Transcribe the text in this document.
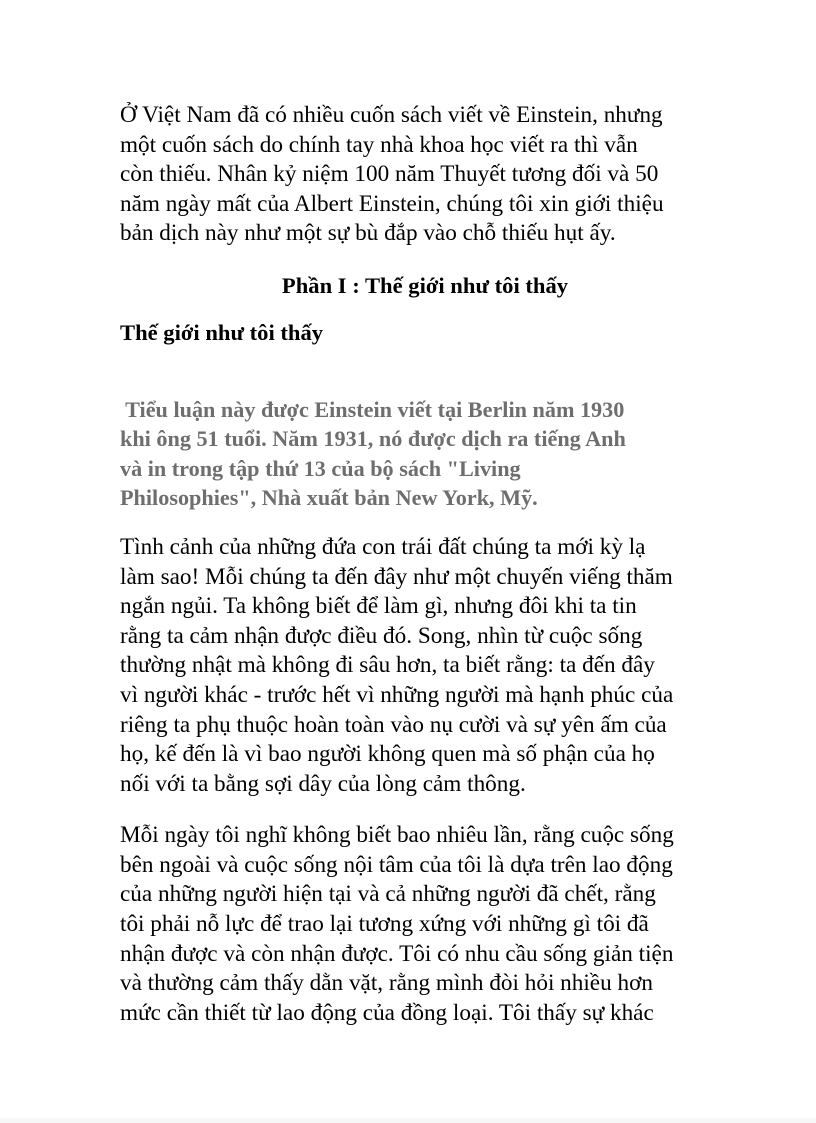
Ở Việt Nam đã có nhiều cuốn sách viết về Einstein, nhưng
một cuốn sách do chính tay nhà khoa học viết ra thì vẫn
còn thiếu. Nhân kỷ niệm 100 năm Thuyết tương đối và 50
năm ngày mất của Albert Einstein, chúng tôi xin giới thiệu
bản dịch này như một sự bù đắp vào chỗ thiếu hụt ấy.

Phần I : Thế giới như tôi thấy
Thế giới như tôi thấy

Tiểu luận này được Einstein viết tại Berlin năm 1930
khi ông 51 tuổi. Năm 1931, nó được dịch ra tiếng Anh
và in trong tập thứ 13 của bộ sách "Living
Philosophies", Nhà xuất bản New York, Mỹ.

Tình cảnh của những đứa con trái đất chúng ta mới kỳ lạ
làm sao! Mỗi chúng ta đến đây như một chuyến viếng thăm
ngắn ngủi. Ta không biết để làm gì, nhưng đôi khi ta tin
rằng ta cảm nhận được điều đó. Song, nhìn từ cuộc sống
thường nhật mà không đi sâu hơn, ta biết rằng: ta đến đây
vì người khác - trước hết vì những người mà hạnh phúc của
riêng ta phụ thuộc hoàn toàn vào nụ cười và sự yên ấm của
họ, kế đến là vì bao người không quen mà số phận của họ
nối với ta bằng sợi dây của lòng cảm thông.

Mỗi ngày tôi nghĩ không biết bao nhiêu lần, rằng cuộc sống
bên ngoài và cuộc sống nội tâm của tôi là dựa trên lao động
của những người hiện tại và cả những người đã chết, rằng
tôi phải nỗ lực để trao lại tương xứng với những gì tôi đã
nhận được và còn nhận được. Tôi có nhu cầu sống giản tiện
và thường cảm thấy dằn vặt, rằng mình đòi hỏi nhiều hơn
mức cần thiết từ lao động của đồng loại. Tôi thấy sự khác
